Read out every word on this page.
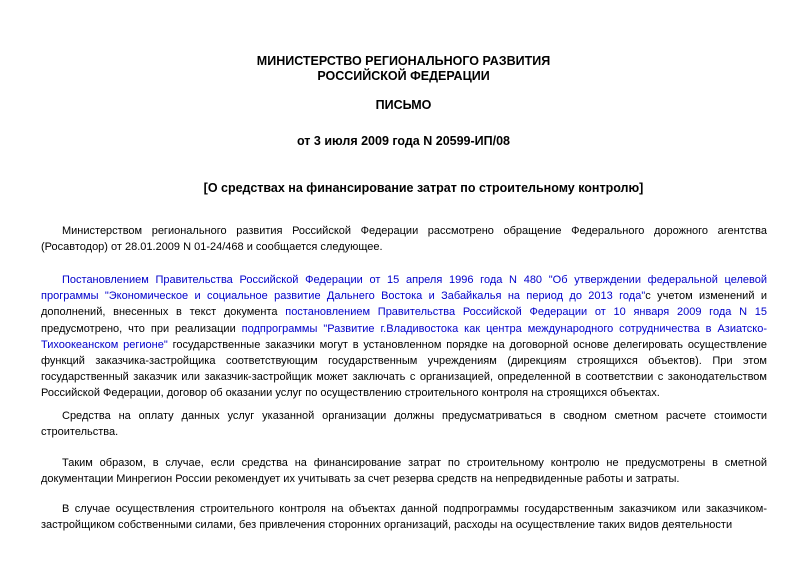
МИНИСТЕРСТВО РЕГИОНАЛЬНОГО РАЗВИТИЯ
РОССИЙСКОЙ ФЕДЕРАЦИИ
ПИСЬМО
от 3 июля 2009 года N 20599-ИП/08
[О средствах на финансирование затрат по строительному контролю]

Министерством регионального развития Российской Федерации рассмотрено обращение Федерального дорожного агентства (Росавтодор) от 28.01.2009 N 01-24/468 и сообщается следующее.

Постановлением Правительства Российской Федерации от 15 апреля 1996 года N 480 "Об утверждении федеральной целевой программы "Экономическое и социальное развитие Дальнего Востока и Забайкалья на период до 2013 года"с учетом изменений и дополнений, внесенных в текст документа постановлением Правительства Российской Федерации от 10 января 2009 года N 15 предусмотрено, что при реализации подпрограммы "Развитие г.Владивостока как центра международного сотрудничества в Азиатско-Тихоокеанском регионе" государственные заказчики могут в установленном порядке на договорной основе делегировать осуществление функций заказчика-застройщика соответствующим государственным учреждениям (дирекциям строящихся объектов). При этом государственный заказчик или заказчик-застройщик может заключать с организацией, определенной в соответствии с законодательством Российской Федерации, договор об оказании услуг по осуществлению строительного контроля на строящихся объектах.

Средства на оплату данных услуг указанной организации должны предусматриваться в сводном сметном расчете стоимости строительства.

Таким образом, в случае, если средства на финансирование затрат по строительному контролю не предусмотрены в сметной документации Минрегион России рекомендует их учитывать за счет резерва средств на непредвиденные работы и затраты.

В случае осуществления строительного контроля на объектах данной подпрограммы государственным заказчиком или заказчиком-застройщиком собственными силами, без привлечения сторонних организаций, расходы на осуществление таких видов деятельности
